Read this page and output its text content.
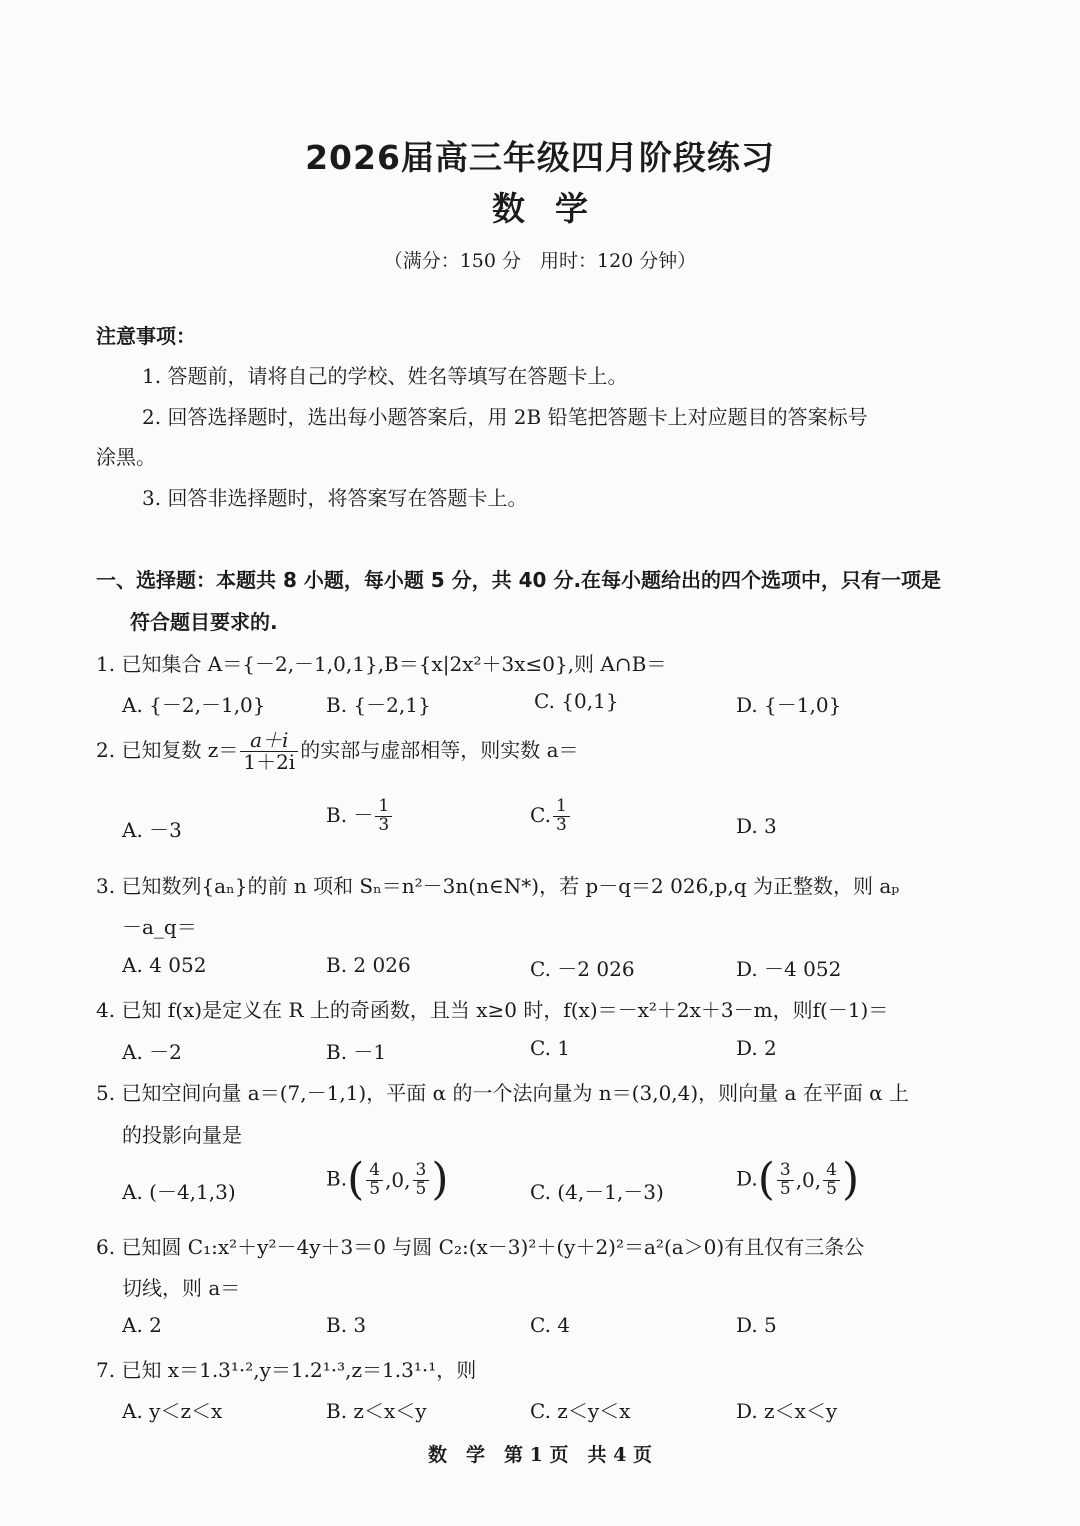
2026届高三年级四月阶段练习
数学
（满分：150 分　用时：120 分钟）
注意事项：
1. 答题前，请将自己的学校、姓名等填写在答题卡上。
2. 回答选择题时，选出每小题答案后，用 2B 铅笔把答题卡上对应题目的答案标号
涂黑。
3. 回答非选择题时，将答案写在答题卡上。
一、选择题：本题共 8 小题，每小题 5 分，共 40 分.在每小题给出的四个选项中，只有一项是
符合题目要求的.
1. 已知集合 A＝{－2,－1,0,1},B＝{x|2x²＋3x≤0},则 A∩B＝
A. {－2,－1,0}	B. {－2,1}	C. {0,1}	D. {－1,0}
2. 已知复数 $z= \frac{a+i}{1+2i}$ 的实部与虚部相等，则实数 a＝
A. －3
B. － $\frac{1}{3}$	C. $\frac{1}{3}$	D. 3
3. 已知数列{aₙ}的前 n 项和 Sₙ＝n²－3n(n∈N*)，若 p－q＝2 026,p,q 为正整数，则 aₚ
－a_q＝
A. 4 052	B. 2 026	C. －2 026	D. －4 052
4. 已知 f(x)是定义在 R 上的奇函数，且当 x≥0 时，f(x)＝－x²＋2x＋3－m，则f(－1)＝
A. －2	B. －1	C. 1	D. 2
5. 已知空间向量 a＝(7,－1,1)，平面 α 的一个法向量为 n＝(3,0,4)，则向量 a 在平面 α 上
的投影向量是
A. (－4,1,3)
$B.( \frac{4}{5} ,0$, $\frac{3}{5}$ )	C. (4,－1,－3)
$D.( \frac{3}{5} ,0$, $\frac{4}{5}$ )
6. 已知圆 C₁:x²＋y²－4y＋3＝0 与圆 C₂:(x－3)²＋(y＋2)²＝a²(a＞0)有且仅有三条公
切线，则 a＝
A. 2	B. 3	C. 4	D. 5
7. 已知 x＝1.3¹·²,y＝1.2¹·³,z＝1.3¹·¹，则
A. y＜z＜x	B. z＜x＜y	C. z＜y＜x	D. z＜x＜y
数　学　第 1 页　共 4 页
